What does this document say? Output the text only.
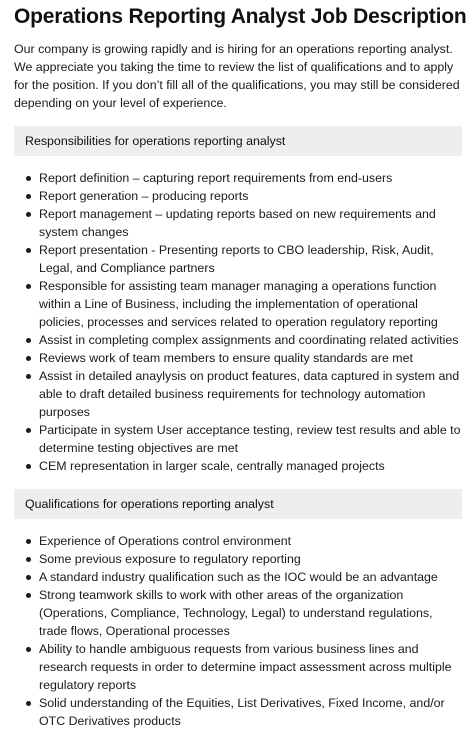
Operations Reporting Analyst Job Description

Our company is growing rapidly and is hiring for an operations reporting analyst. We appreciate you taking the time to review the list of qualifications and to apply for the position. If you don’t fill all of the qualifications, you may still be considered depending on your level of experience.

Responsibilities for operations reporting analyst
Report definition – capturing report requirements from end-users
Report generation – producing reports
Report management – updating reports based on new requirements and system changes
Report presentation - Presenting reports to CBO leadership, Risk, Audit, Legal, and Compliance partners
Responsible for assisting team manager managing a operations function within a Line of Business, including the implementation of operational policies, processes and services related to operation regulatory reporting
Assist in completing complex assignments and coordinating related activities
Reviews work of team members to ensure quality standards are met
Assist in detailed anaylysis on product features, data captured in system and able to draft detailed business requirements for technology automation purposes
Participate in system User acceptance testing, review test results and able to determine testing objectives are met
CEM representation in larger scale, centrally managed projects
Qualifications for operations reporting analyst
Experience of Operations control environment
Some previous exposure to regulatory reporting
A standard industry qualification such as the IOC would be an advantage
Strong teamwork skills to work with other areas of the organization (Operations, Compliance, Technology, Legal) to understand regulations, trade flows, Operational processes
Ability to handle ambiguous requests from various business lines and research requests in order to determine impact assessment across multiple regulatory reports
Solid understanding of the Equities, List Derivatives, Fixed Income, and/or OTC Derivatives products
